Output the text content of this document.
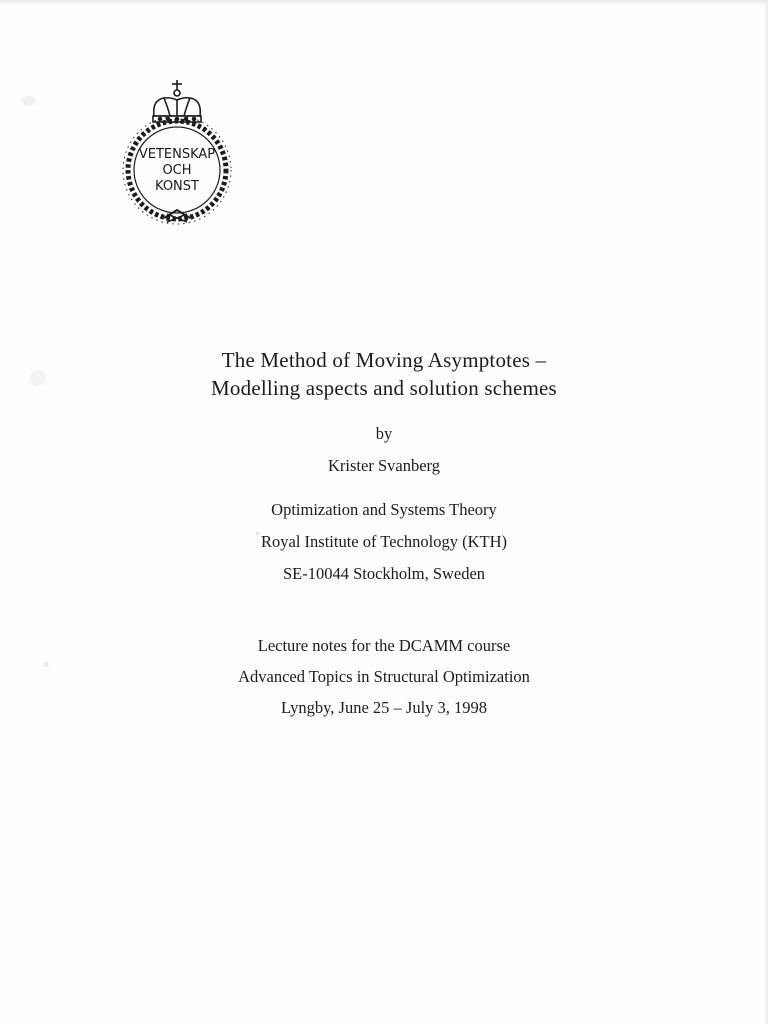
VETENSKAP
OCH
KONST
The Method of Moving Asymptotes –
Modelling aspects and solution schemes
by
Krister Svanberg
Optimization and Systems Theory
Royal Institute of Technology (KTH)
SE-10044 Stockholm, Sweden
Lecture notes for the DCAMM course
Advanced Topics in Structural Optimization
Lyngby, June 25 – July 3, 1998
